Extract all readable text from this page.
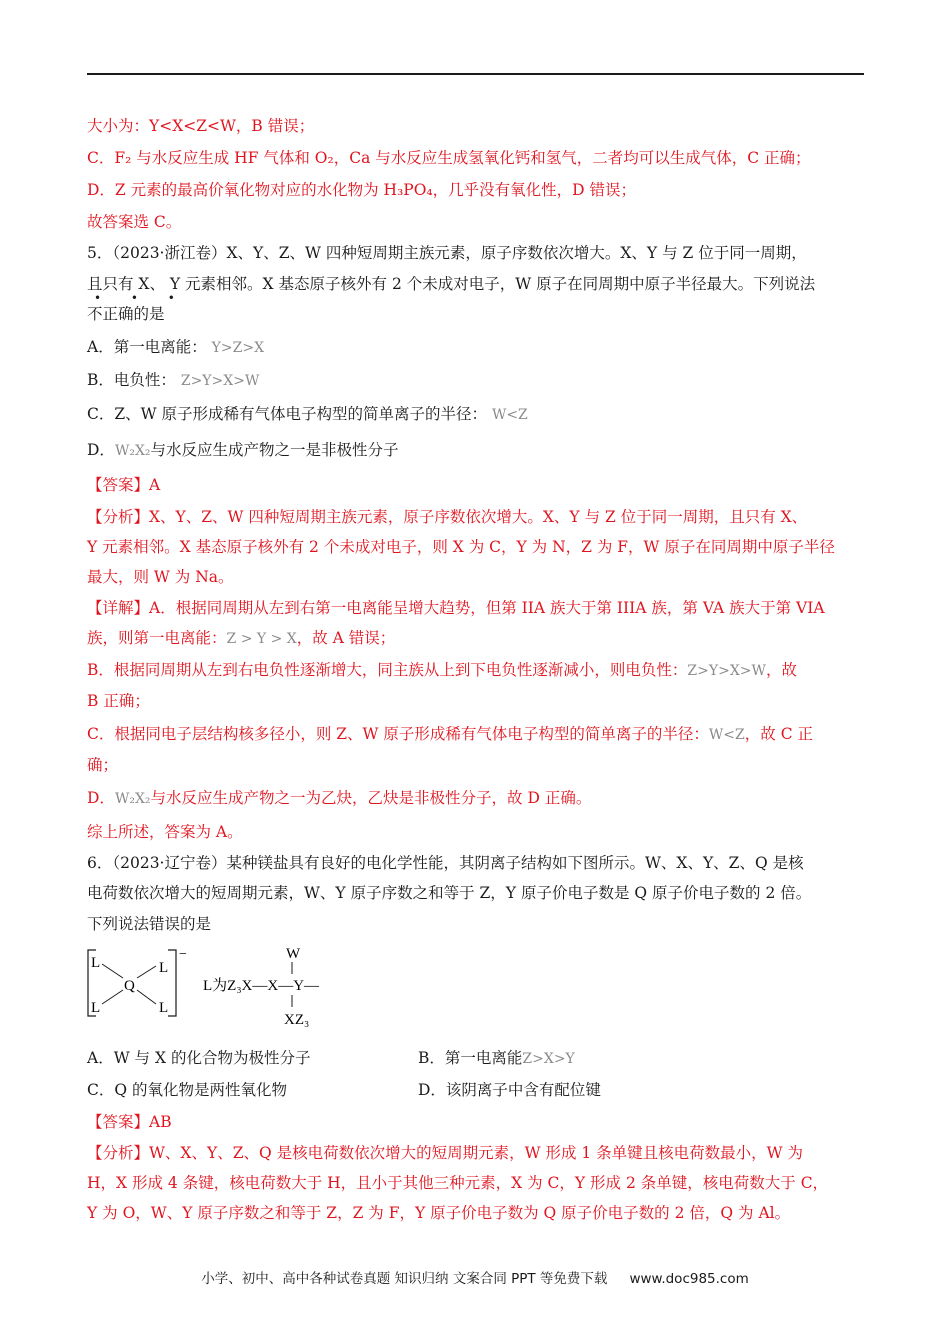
大小为：Y<X<Z<W，B 错误；
C．F₂ 与水反应生成 HF 气体和 O₂，Ca 与水反应生成氢氧化钙和氢气，二者均可以生成气体，C 正确；
D．Z 元素的最高价氧化物对应的水化物为 H₃PO₄，几乎没有氧化性，D 错误；
故答案选 C。
5．（2023·浙江卷）X、Y、Z、W 四种短周期主族元素，原子序数依次增大。X、Y 与 Z 位于同一周期，
且只有 X、 Y 元素相邻。X 基态原子核外有 2 个未成对电子，W 原子在同周期中原子半径最大。下列说法
• • •
不正确的是
A．第一电离能： Y>Z>X
B．电负性： Z>Y>X>W
C．Z、W 原子形成稀有气体电子构型的简单离子的半径： W<Z
D．W₂X₂与水反应生成产物之一是非极性分子
【答案】A
【分析】X、Y、Z、W 四种短周期主族元素，原子序数依次增大。X、Y 与 Z 位于同一周期，且只有 X、
Y 元素相邻。X 基态原子核外有 2 个未成对电子，则 X 为 C，Y 为 N，Z 为 F，W 原子在同周期中原子半径
最大，则 W 为 Na。
【详解】A．根据同周期从左到右第一电离能呈增大趋势，但第 IIA 族大于第 IIIA 族，第 VA 族大于第 VIA
族，则第一电离能：Z > Y > X，故 A 错误；
B．根据同周期从左到右电负性逐渐增大，同主族从上到下电负性逐渐减小，则电负性：Z>Y>X>W，故
B 正确；
C．根据同电子层结构核多径小，则 Z、W 原子形成稀有气体电子构型的简单离子的半径：W<Z，故 C 正
确；
D．W₂X₂与水反应生成产物之一为乙炔，乙炔是非极性分子，故 D 正确。
综上所述，答案为 A。
6．（2023·辽宁卷）某种镁盐具有良好的电化学性能，其阴离子结构如下图所示。W、X、Y、Z、Q 是核
电荷数依次增大的短周期元素，W、Y 原子序数之和等于 Z，Y 原子价电子数是 Q 原子价电子数的 2 倍。
下列说法错误的是
−
L	L
L	L
Q
W
L为Z₃X—X—Y—
XZ₃
A．W 与 X 的化合物为极性分子	B．第一电离能Z>X>Y
C．Q 的氧化物是两性氧化物	D．该阴离子中含有配位键
【答案】AB
【分析】W、X、Y、Z、Q 是核电荷数依次增大的短周期元素，W 形成 1 条单键且核电荷数最小，W 为
H，X 形成 4 条键，核电荷数大于 H，且小于其他三种元素，X 为 C，Y 形成 2 条单键，核电荷数大于 C，
Y 为 O，W、Y 原子序数之和等于 Z，Z 为 F，Y 原子价电子数为 Q 原子价电子数的 2 倍，Q 为 Al。
小学、初中、高中各种试卷真题 知识归纳 文案合同 PPT 等免费下载 www.doc985.com
